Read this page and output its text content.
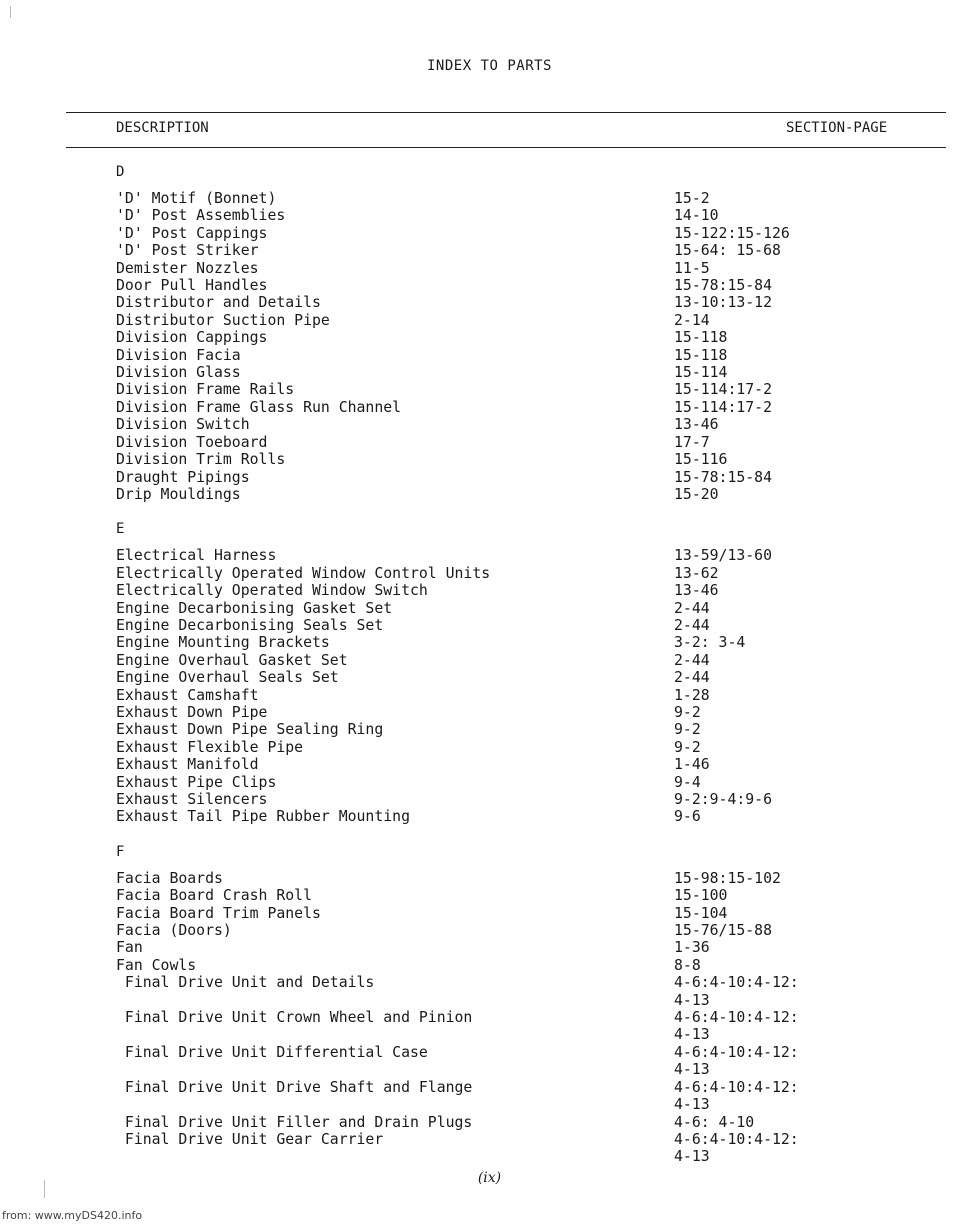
INDEX TO PARTS
DESCRIPTION	SECTION-PAGE
D
'D' Motif (Bonnet)	15-2
'D' Post Assemblies	14-10
'D' Post Cappings	15-122:15-126
'D' Post Striker	15-64: 15-68
Demister Nozzles	11-5
Door Pull Handles	15-78:15-84
Distributor and Details	13-10:13-12
Distributor Suction Pipe	2-14
Division Cappings	15-118
Division Facia	15-118
Division Glass	15-114
Division Frame Rails	15-114:17-2
Division Frame Glass Run Channel	15-114:17-2
Division Switch	13-46
Division Toeboard	17-7
Division Trim Rolls	15-116
Draught Pipings	15-78:15-84
Drip Mouldings	15-20
E
Electrical Harness	13-59/13-60
Electrically Operated Window Control Units	13-62
Electrically Operated Window Switch	13-46
Engine Decarbonising Gasket Set	2-44
Engine Decarbonising Seals Set	2-44
Engine Mounting Brackets	3-2: 3-4
Engine Overhaul Gasket Set	2-44
Engine Overhaul Seals Set	2-44
Exhaust Camshaft	1-28
Exhaust Down Pipe	9-2
Exhaust Down Pipe Sealing Ring	9-2
Exhaust Flexible Pipe	9-2
Exhaust Manifold	1-46
Exhaust Pipe Clips	9-4
Exhaust Silencers	9-2:9-4:9-6
Exhaust Tail Pipe Rubber Mounting	9-6
F
Facia Boards	15-98:15-102
Facia Board Crash Roll	15-100
Facia Board Trim Panels	15-104
Facia (Doors)	15-76/15-88
Fan	1-36
Fan Cowls	8-8
Final Drive Unit and Details	4-6:4-10:4-12:
4-13
Final Drive Unit Crown Wheel and Pinion	4-6:4-10:4-12:
4-13
Final Drive Unit Differential Case	4-6:4-10:4-12:
4-13
Final Drive Unit Drive Shaft and Flange	4-6:4-10:4-12:
4-13
Final Drive Unit Filler and Drain Plugs	4-6: 4-10
Final Drive Unit Gear Carrier	4-6:4-10:4-12:
4-13
(ix)
from: www.myDS420.info
